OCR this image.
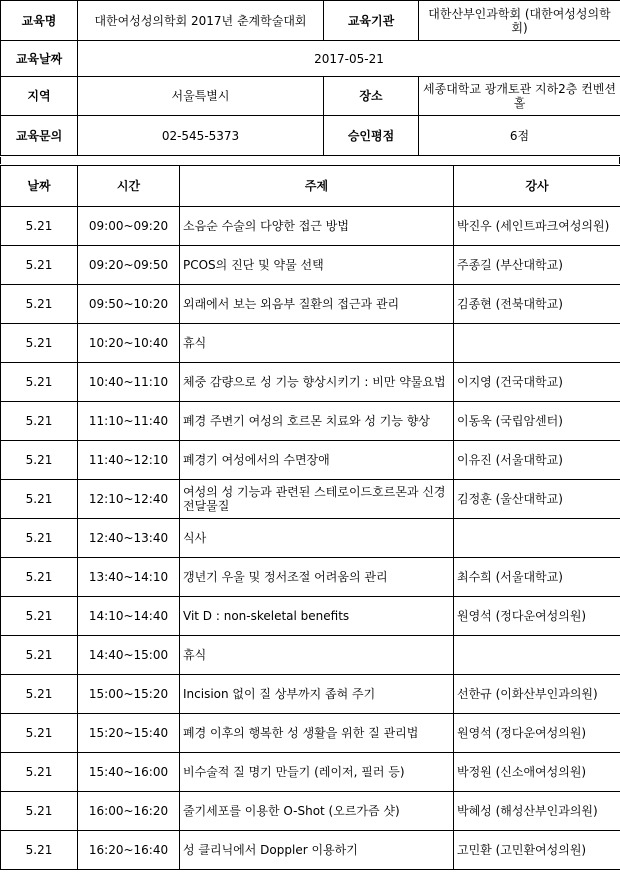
교육명	대한여성성의학회 2017년 춘계학술대회	교육기관	대한산부인과학회 (대한여성성의학회)
교육날짜	2017-05-21		
지역	서울특별시	장소	세종대학교 광개토관 지하2층 컨벤션홀
교육문의	02-545-5373	승인평점	6점
날짜	시간	주제	강사
5.21	09:00~09:20	소음순 수술의 다양한 접근 방법	박진우 (세인트파크여성의원)
5.21	09:20~09:50	PCOS의 진단 및 약물 선택	주종길 (부산대학교)
5.21	09:50~10:20	외래에서 보는 외음부 질환의 접근과 관리	김종현 (전북대학교)
5.21	10:20~10:40	휴식	
5.21	10:40~11:10	체중 감량으로 성 기능 향상시키기 : 비만 약물요법	이지영 (건국대학교)
5.21	11:10~11:40	폐경 주변기 여성의 호르몬 치료와 성 기능 향상	이동욱 (국립암센터)
5.21	11:40~12:10	폐경기 여성에서의 수면장애	이유진 (서울대학교)
5.21	12:10~12:40	여성의 성 기능과 관련된 스테로이드호르몬과 신경전달물질	김정훈 (울산대학교)
5.21	12:40~13:40	식사	
5.21	13:40~14:10	갱년기 우울 및 정서조절 어려움의 관리	최수희 (서울대학교)
5.21	14:10~14:40	Vit D : non-skeletal benefits	원영석 (정다운여성의원)
5.21	14:40~15:00	휴식	
5.21	15:00~15:20	Incision 없이 질 상부까지 좁혀 주기	선한규 (이화산부인과의원)
5.21	15:20~15:40	폐경 이후의 행복한 성 생활을 위한 질 관리법	원영석 (정다운여성의원)
5.21	15:40~16:00	비수술적 질 명기 만들기 (레이저, 필러 등)	박정원 (신소애여성의원)
5.21	16:00~16:20	줄기세포를 이용한 O-Shot (오르가즘 샷)	박혜성 (해성산부인과의원)
5.21	16:20~16:40	성 클리닉에서 Doppler 이용하기	고민환 (고민환여성의원)
